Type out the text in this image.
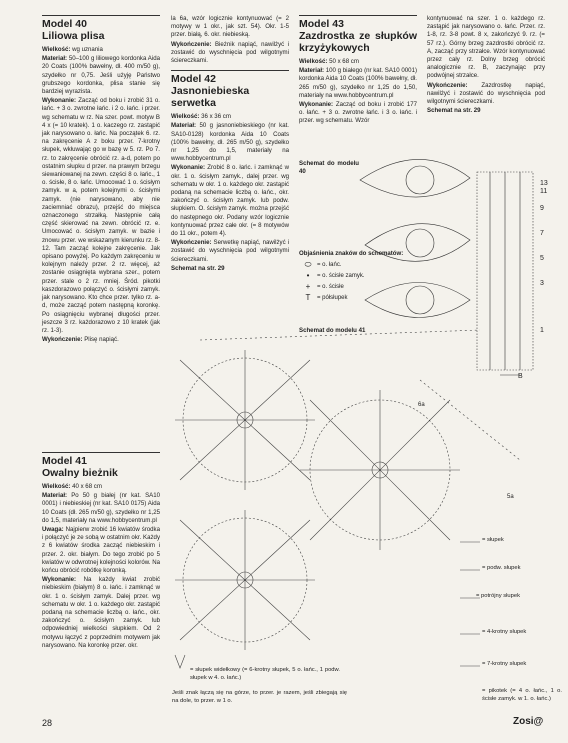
Model 40
Liliowa plisa

Wielkość: wg uznania

Materiał: 50–100 g liliowego kordonka Aida 20 Coats (100% bawełny, dł. 400 m/50 g), szydełko nr 0,75. Jeśli użyję Państwo grubszego kordonka, plisa stanie się bardziej wyrazista.

Wykonanie: Zacząć od boku i zrobić 31 o. łańc. + 3 o. zwrotne łańc. i 2 o. łańc. i przer. wg schematu w rz. Na szer. powt. motyw B 4 x (= 10 kratek). 1 o. kaczego rz. zastąpić jak narysowano o. łańc. Na początek 6. rz. na zakręcenie A z boku przer. 7-krotny słupek, wkłuwając go w bazę w 5. rz. Po 7. rz. to zakręcenie obrócić rz. a-d, potem po ostatnim słupku d przer. na prawym brzegu siewaniowanej na zewn. części 8 o. łańc., 1 o. ścisłe, 8 o. łańc. Umocować 1 o. ścisłym zamyk. w a, potem kolejnymi o. ścisłymi zamyk. (nie narysowano, aby nie zaciemniać obrazu), przejść do miejsca oznaczonego strzałką. Następnie całą część skierować na zewn. obrócić rz. e. Umocować o. ścisłym zamyk. w bazie i znowu przer. we wskazanym kierunku rz. 8-12. Tam zacząć kolejne zakręcenie. Jak opisano powyżej. Po każdym zakręceniu w kolejnym należy przer. 2 rz. więcej, aż zostanie osiągnięta wybrana szer., potem przer. stale o 2 rz. mniej. Śród. pikotki kaszdorazowo połączyć o. ścisłymi zamyk. jak narysowano. Kto chce przer. tylko rz. a-d, może zacząć potem następną koronkę. Po osiągnięciu wybranej długości przer. jeszcze 3 rz. każdorazowo z 10 kratek (jak rz. 1-3).

Wykończenie: Plisę napiąć.

Model 41
Owalny bieżnik

Wielkość: 40 x 68 cm

Materiał: Po 50 g białej (nr kat. SA10 0001) i niebieskiej (nr kat. SA10 0175) Aida 10 Coats (dł. 265 m/50 g), szydełko nr 1,25 do 1,5, materiały na www.hobbycentrum.pl

Uwaga: Najpierw zrobić 16 kwiatów środka i połączyć je ze sobą w ostatnim okr. Każdy z 6 kwiatów środka zacząć niebieskim i przer. 2. okr. białym. Do tego zrobić po 5 kwiatów w odwrotnej kolejności kolorów. Na końcu obrócić robótkę koronką.

Wykonanie: Na każdy kwiat zrobić niebieskim (białym) 8 o. łańc. i zamknąć w okr. 1 o. ścisłym zamyk. Dalej przer. wg schematu w okr. 1 o. każdego okr. zastąpić podaną na schemacie liczbą o. łańc., okr. zakończyć o. ścisłym zamyk. lub odpowiedniej wielkości słupkiem. Od 2 motywu łączyć z poprzednim motywem jak narysowano. Na koronkę przer. okr.

la 6a, wzór logicznie kontynuować (= 2 motywy w 1 okr., jak szt. 54). Okr. 1-5 przer. białą, 6. okr. niebieską.

Wykończenie: Bieżnik napiąć, nawilżyć i zostawić do wyschnięcia pod wilgotnymi ściereczkami.

Model 42
Jasnoniebieska serwetka

Wielkość: 36 x 36 cm

Materiał: 50 g jasnoniebieskiego (nr kat. SA10-0128) kordonka Aida 10 Coats (100% bawełny, dł. 265 m/50 g), szydełko nr 1,25 do 1,5, materiały na www.hobbycentrum.pl

Wykonanie: Zrobić 8 o. łańc. i zamknąć w okr. 1 o. ścisłym zamyk., dalej przer. wg schematu w okr. 1 o. każdego okr. zastąpić podaną na schemacie liczbą o. łańc., okr. zakończyć o. ścisłym zamyk. lub podw. słupkiem. O. ścisłym zamyk. można przejść do następnego okr. Podany wzór logicznie kontynuować przez całe okr. (= 8 motywów do 11 okr., potem 4).

Wykończenie: Serwetkę napiąć, nawilżyć i zostawić do wyschnięcia pod wilgotnymi ściereczkami.

Schemat na str. 29

Model 43
Zazdrostka ze słupków krzyżykowych

Wielkość: 50 x 68 cm

Materiał: 100 g białego (nr kat. SA10 0001) kordonka Aida 10 Coats (100% bawełny, dł. 265 m/50 g), szydełko nr 1,25 do 1,50, materiały na www.hobbycentrum.pl

Wykonanie: Zacząć od boku i zrobić 177 o. łańc. + 3 o. zwrotne łańc. i 3 o. łańc. i przer. wg schematu. Wzór

kontynuować na szer. 1 o. każdego rz. zastąpić jak narysowano o. łańc. Przer. rz. 1-8, rz. 3-8 powt. 8 x, zakończyć 9. rz. (= 57 rz.). Górny brzeg zazdrostki obrócić rz. A, zacząć przy strzałce. Wzór kontynuować przez cały rz. Dolny brzeg obrócić analogicznie rz. B, zaczynając przy podwójnej strzałce.

Wykończenie: Zazdrostkę napiąć, nawilżyć i zostawić do wyschnięcia pod wilgotnymi ściereczkami.

Schemat na str. 29

Schemat do modelu 40

Objaśnienia znaków do schematów:

⬭ = o. łańc.
•	= o. ścisłe zamyk.
+	= o. ścisłe
T	= półsłupek
Schemat do modelu 41
= słupek
= podw. słupek
= potrójny słupek
= 4-krotny słupek
= 7-krotny słupek
= pikotek (= 4 o. łańc., 1 o. ścisłe zamyk. w 1. o. łańc.)
= słupek widełkowy (= 6-krotny słupek, 5 o. łańc., 1 podw. słupek w 4. o. łańc.)
Jeśli znak łączą się na górze, to przer. je razem, jeśli zbiegają się na dole, to przer. w 1 o.
28	Zosi@
13
11
9
7
5
3
1
B
6a
5a
